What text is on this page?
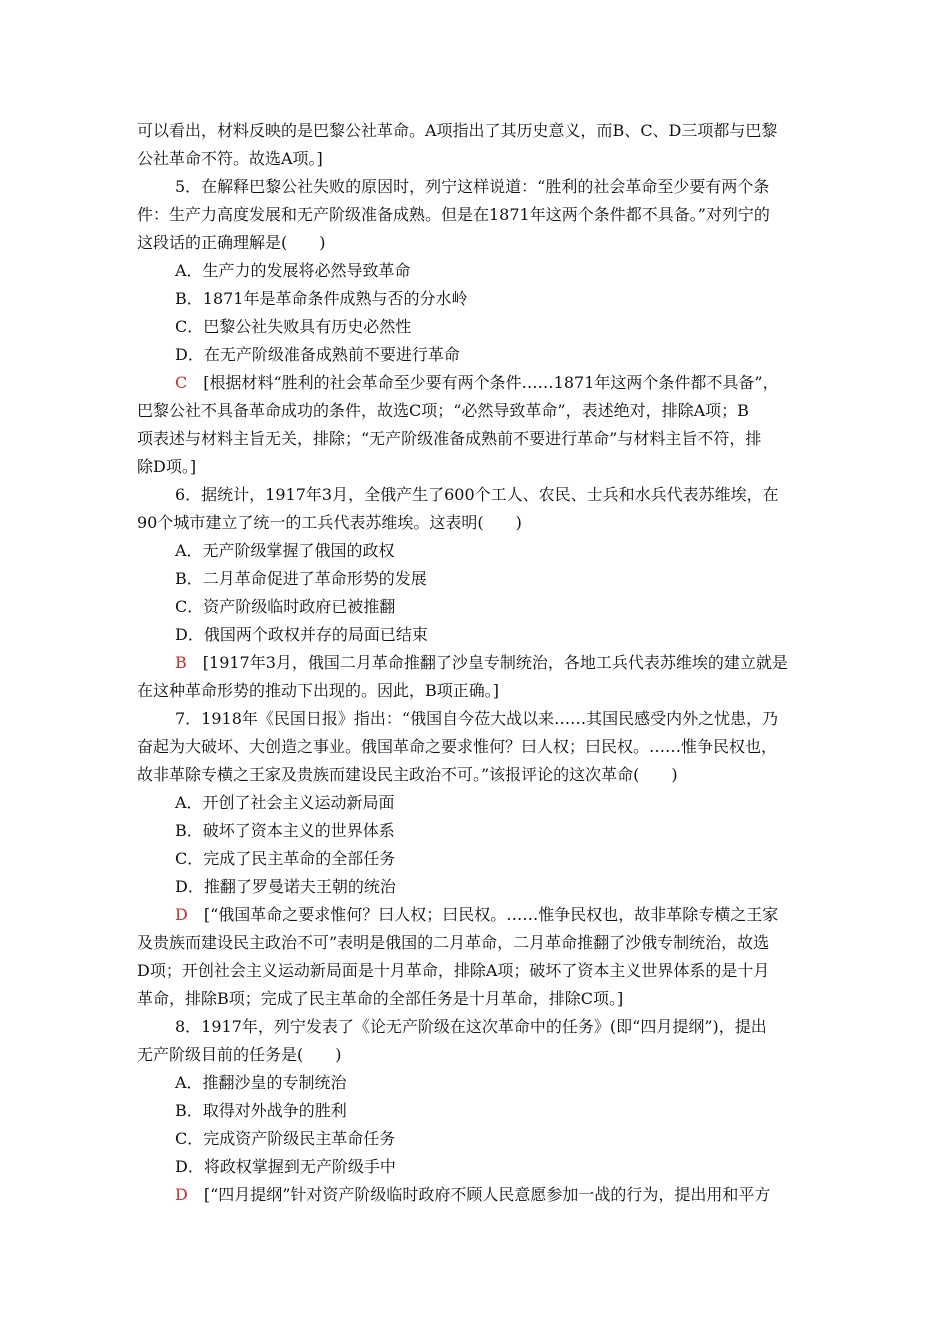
可以看出，材料反映的是巴黎公社革命。A项指出了其历史意义，而B、C、D三项都与巴黎
公社革命不符。故选A项。]
5．在解释巴黎公社失败的原因时，列宁这样说道：“胜利的社会革命至少要有两个条
件：生产力高度发展和无产阶级准备成熟。但是在1871年这两个条件都不具备。”对列宁的
这段话的正确理解是(　　)
A．生产力的发展将必然导致革命
B．1871年是革命条件成熟与否的分水岭
C．巴黎公社失败具有历史必然性
D．在无产阶级准备成熟前不要进行革命
C　[根据材料“胜利的社会革命至少要有两个条件……1871年这两个条件都不具备”，
巴黎公社不具备革命成功的条件，故选C项；“必然导致革命”，表述绝对，排除A项；B
项表述与材料主旨无关，排除；“无产阶级准备成熟前不要进行革命”与材料主旨不符，排
除D项。]
6．据统计，1917年3月，全俄产生了600个工人、农民、士兵和水兵代表苏维埃，在
90个城市建立了统一的工兵代表苏维埃。这表明(　　)
A．无产阶级掌握了俄国的政权
B．二月革命促进了革命形势的发展
C．资产阶级临时政府已被推翻
D．俄国两个政权并存的局面已结束
B　[1917年3月，俄国二月革命推翻了沙皇专制统治，各地工兵代表苏维埃的建立就是
在这种革命形势的推动下出现的。因此，B项正确。]
7．1918年《民国日报》指出：“俄国自今莅大战以来……其国民感受内外之忧患，乃
奋起为大破坏、大创造之事业。俄国革命之要求惟何？曰人权；曰民权。……惟争民权也，
故非革除专横之王家及贵族而建设民主政治不可。”该报评论的这次革命(　　)
A．开创了社会主义运动新局面
B．破坏了资本主义的世界体系
C．完成了民主革命的全部任务
D．推翻了罗曼诺夫王朝的统治
D　[“俄国革命之要求惟何？曰人权；曰民权。……惟争民权也，故非革除专横之王家
及贵族而建设民主政治不可”表明是俄国的二月革命，二月革命推翻了沙俄专制统治，故选
D项；开创社会主义运动新局面是十月革命，排除A项；破坏了资本主义世界体系的是十月
革命，排除B项；完成了民主革命的全部任务是十月革命，排除C项。]
8．1917年，列宁发表了《论无产阶级在这次革命中的任务》(即“四月提纲”)，提出
无产阶级目前的任务是(　　)
A．推翻沙皇的专制统治
B．取得对外战争的胜利
C．完成资产阶级民主革命任务
D．将政权掌握到无产阶级手中
D　[“四月提纲”针对资产阶级临时政府不顾人民意愿参加一战的行为，提出用和平方
